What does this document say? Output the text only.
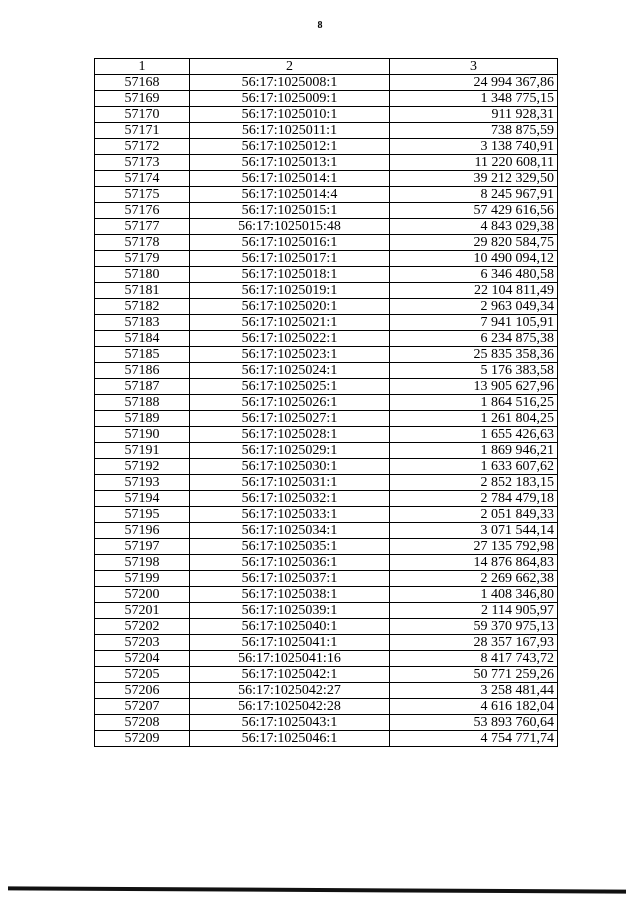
8
1	2	3
57168	56:17:1025008:1	24 994 367,86
57169	56:17:1025009:1	1 348 775,15
57170	56:17:1025010:1	911 928,31
57171	56:17:1025011:1	738 875,59
57172	56:17:1025012:1	3 138 740,91
57173	56:17:1025013:1	11 220 608,11
57174	56:17:1025014:1	39 212 329,50
57175	56:17:1025014:4	8 245 967,91
57176	56:17:1025015:1	57 429 616,56
57177	56:17:1025015:48	4 843 029,38
57178	56:17:1025016:1	29 820 584,75
57179	56:17:1025017:1	10 490 094,12
57180	56:17:1025018:1	6 346 480,58
57181	56:17:1025019:1	22 104 811,49
57182	56:17:1025020:1	2 963 049,34
57183	56:17:1025021:1	7 941 105,91
57184	56:17:1025022:1	6 234 875,38
57185	56:17:1025023:1	25 835 358,36
57186	56:17:1025024:1	5 176 383,58
57187	56:17:1025025:1	13 905 627,96
57188	56:17:1025026:1	1 864 516,25
57189	56:17:1025027:1	1 261 804,25
57190	56:17:1025028:1	1 655 426,63
57191	56:17:1025029:1	1 869 946,21
57192	56:17:1025030:1	1 633 607,62
57193	56:17:1025031:1	2 852 183,15
57194	56:17:1025032:1	2 784 479,18
57195	56:17:1025033:1	2 051 849,33
57196	56:17:1025034:1	3 071 544,14
57197	56:17:1025035:1	27 135 792,98
57198	56:17:1025036:1	14 876 864,83
57199	56:17:1025037:1	2 269 662,38
57200	56:17:1025038:1	1 408 346,80
57201	56:17:1025039:1	2 114 905,97
57202	56:17:1025040:1	59 370 975,13
57203	56:17:1025041:1	28 357 167,93
57204	56:17:1025041:16	8 417 743,72
57205	56:17:1025042:1	50 771 259,26
57206	56:17:1025042:27	3 258 481,44
57207	56:17:1025042:28	4 616 182,04
57208	56:17:1025043:1	53 893 760,64
57209	56:17:1025046:1	4 754 771,74
